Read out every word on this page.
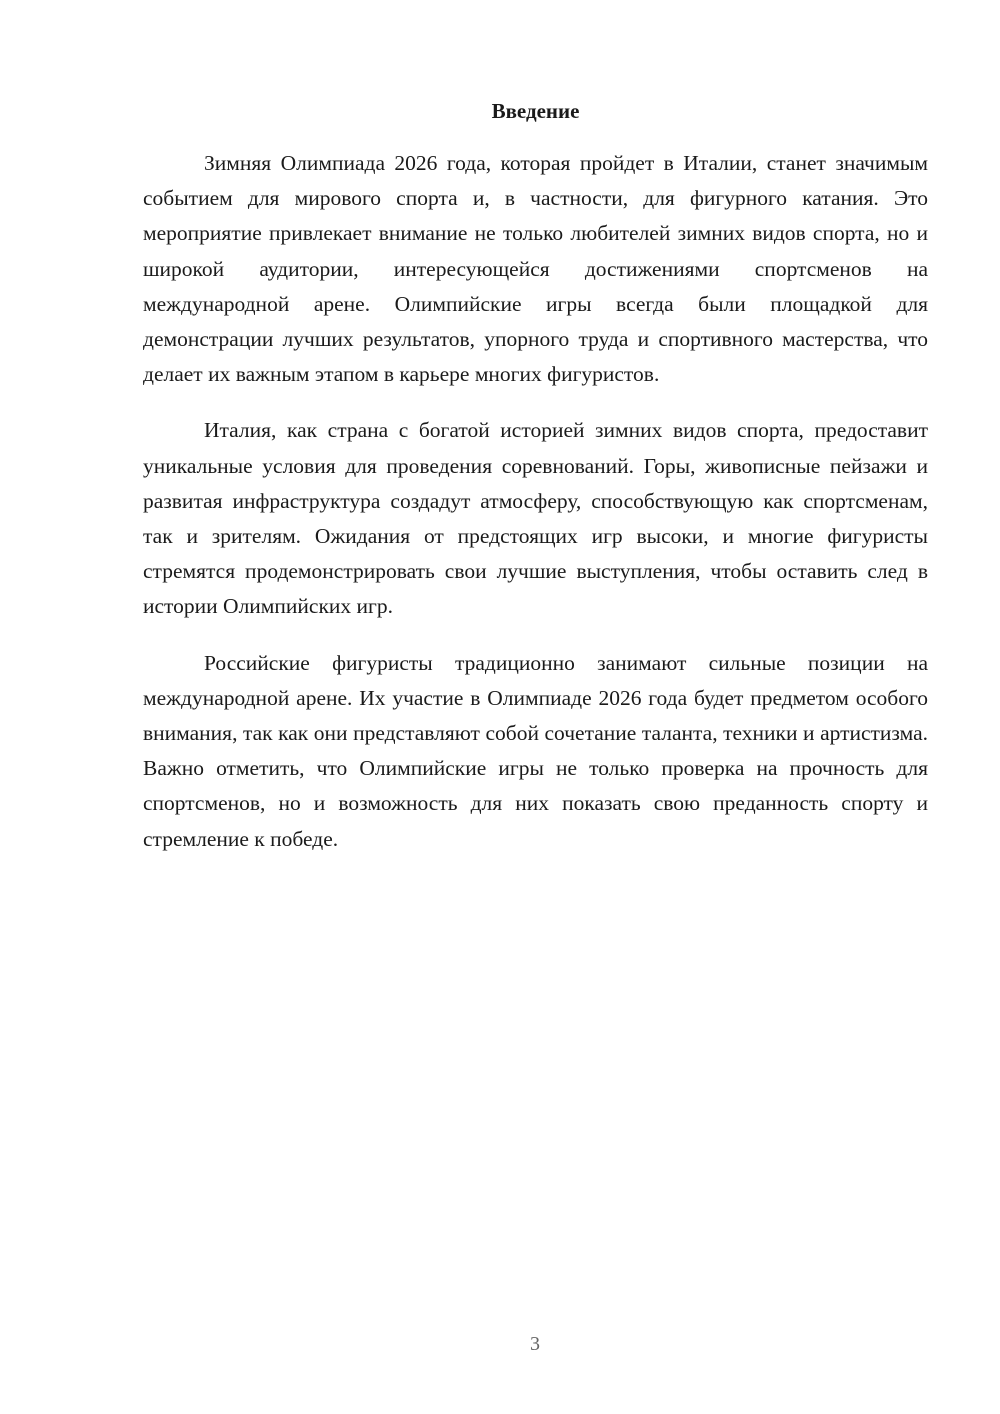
Введение

Зимняя Олимпиада 2026 года, которая пройдет в Италии, станет значимым событием для мирового спорта и, в частности, для фигурного катания. Это мероприятие привлекает внимание не только любителей зимних видов спорта, но и широкой аудитории, интересующейся достижениями спортсменов на международной арене. Олимпийские игры всегда были площадкой для демонстрации лучших результатов, упорного труда и спортивного мастерства, что делает их важным этапом в карьере многих фигуристов.

Италия, как страна с богатой историей зимних видов спорта, предоставит уникальные условия для проведения соревнований. Горы, живописные пейзажи и развитая инфраструктура создадут атмосферу, способствующую как спортсменам, так и зрителям. Ожидания от предстоящих игр высоки, и многие фигуристы стремятся продемонстрировать свои лучшие выступления, чтобы оставить след в истории Олимпийских игр.

Российские фигуристы традиционно занимают сильные позиции на международной арене. Их участие в Олимпиаде 2026 года будет предметом особого внимания, так как они представляют собой сочетание таланта, техники и артистизма. Важно отметить, что Олимпийские игры не только проверка на прочность для спортсменов, но и возможность для них показать свою преданность спорту и стремление к победе.

3
